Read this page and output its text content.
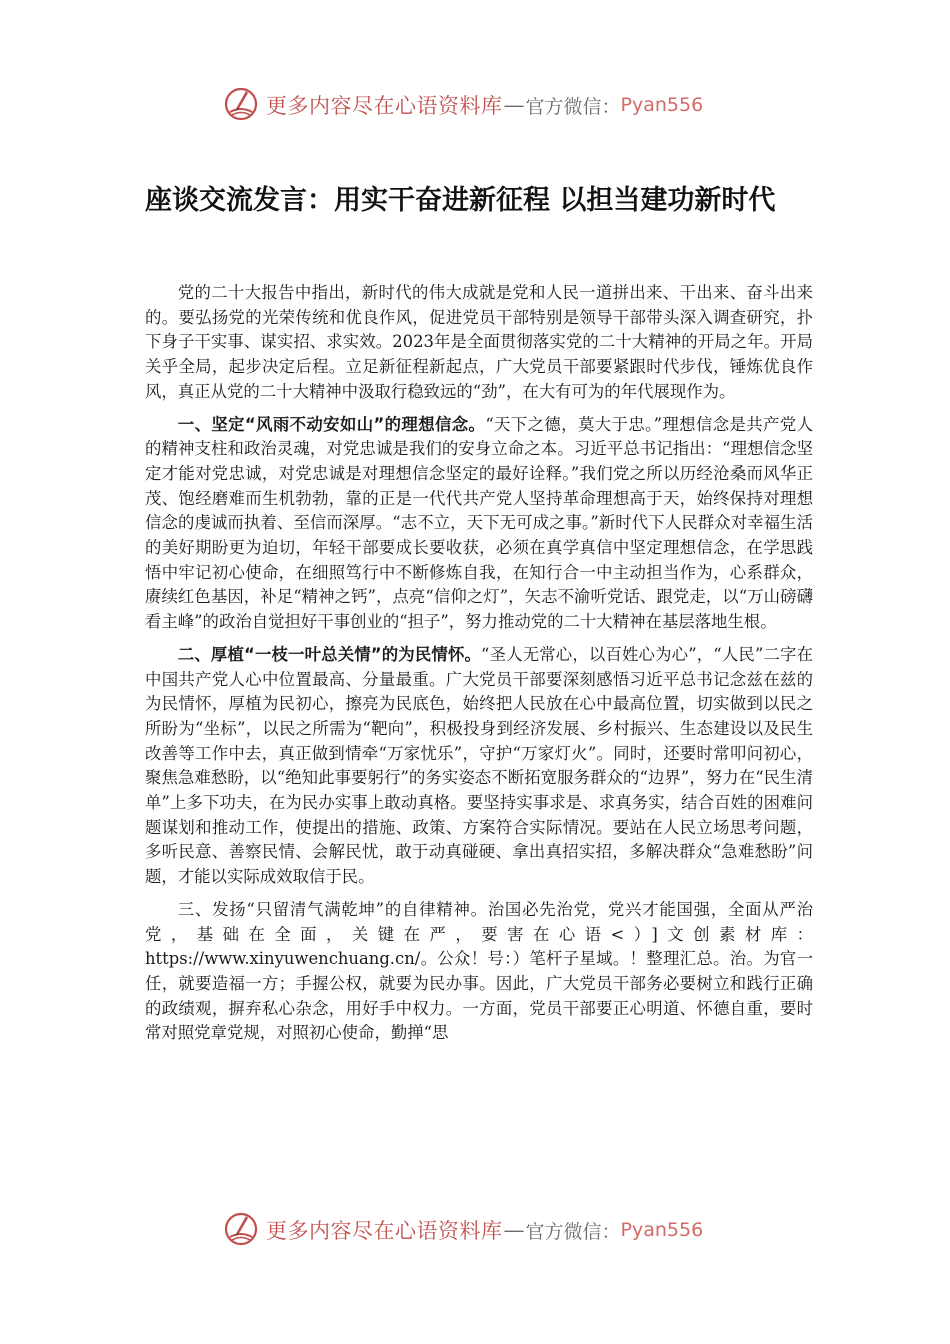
更多内容尽在心语资料库 — 官方微信： Pyan556
座谈交流发言：用实干奋进新征程 以担当建功新时代

党的二十大报告中指出，新时代的伟大成就是党和人民一道拼出来、干出来、奋斗出来的。要弘扬党的光荣传统和优良作风，促进党员干部特别是领导干部带头深入调查研究，扑下身子干实事、谋实招、求实效。2023年是全面贯彻落实党的二十大精神的开局之年。开局关乎全局，起步决定后程。立足新征程新起点，广大党员干部要紧跟时代步伐，锤炼优良作风，真正从党的二十大精神中汲取行稳致远的“劲”，在大有可为的年代展现作为。

一、坚定“风雨不动安如山”的理想信念。“天下之德，莫大于忠。”理想信念是共产党人的精神支柱和政治灵魂，对党忠诚是我们的安身立命之本。习近平总书记指出：“理想信念坚定才能对党忠诚，对党忠诚是对理想信念坚定的最好诠释。”我们党之所以历经沧桑而风华正茂、饱经磨难而生机勃勃，靠的正是一代代共产党人坚持革命理想高于天，始终保持对理想信念的虔诚而执着、至信而深厚。“志不立，天下无可成之事。”新时代下人民群众对幸福生活的美好期盼更为迫切，年轻干部要成长要收获，必须在真学真信中坚定理想信念，在学思践悟中牢记初心使命，在细照笃行中不断修炼自我，在知行合一中主动担当作为，心系群众，赓续红色基因，补足“精神之钙”，点亮“信仰之灯”，矢志不渝听党话、跟党走，以“万山磅礴看主峰”的政治自觉担好干事创业的“担子”，努力推动党的二十大精神在基层落地生根。

二、厚植“一枝一叶总关情”的为民情怀。“圣人无常心，以百姓心为心”，“人民”二字在中国共产党人心中位置最高、分量最重。广大党员干部要深刻感悟习近平总书记念兹在兹的为民情怀，厚植为民初心，擦亮为民底色，始终把人民放在心中最高位置，切实做到以民之所盼为“坐标”，以民之所需为“靶向”，积极投身到经济发展、乡村振兴、生态建设以及民生改善等工作中去，真正做到情牵“万家忧乐”，守护“万家灯火”。同时，还要时常叩问初心，聚焦急难愁盼，以“绝知此事要躬行”的务实姿态不断拓宽服务群众的“边界”，努力在“民生清单”上多下功夫，在为民办实事上敢动真格。要坚持实事求是、求真务实，结合百姓的困难问题谋划和推动工作，使提出的措施、政策、方案符合实际情况。要站在人民立场思考问题，多听民意、善察民情、会解民忧，敢于动真碰硬、拿出真招实招，多解决群众“急难愁盼”问题，才能以实际成效取信于民。

三、发扬“只留清气满乾坤”的自律精神。治国必先治党，党兴才能国强，全面从严治党，基础在全面，关键在严，要害在心语<）]文创素材库：https://www.xinyuwenchuang.cn/。公众！号：）笔杆子星域。！整理汇总。治。为官一任，就要造福一方；手握公权，就要为民办事。因此，广大党员干部务必要树立和践行正确的政绩观，摒弃私心杂念，用好手中权力。一方面，党员干部要正心明道、怀德自重，要时常对照党章党规，对照初心使命，勤掸“思

更多内容尽在心语资料库 — 官方微信： Pyan556
